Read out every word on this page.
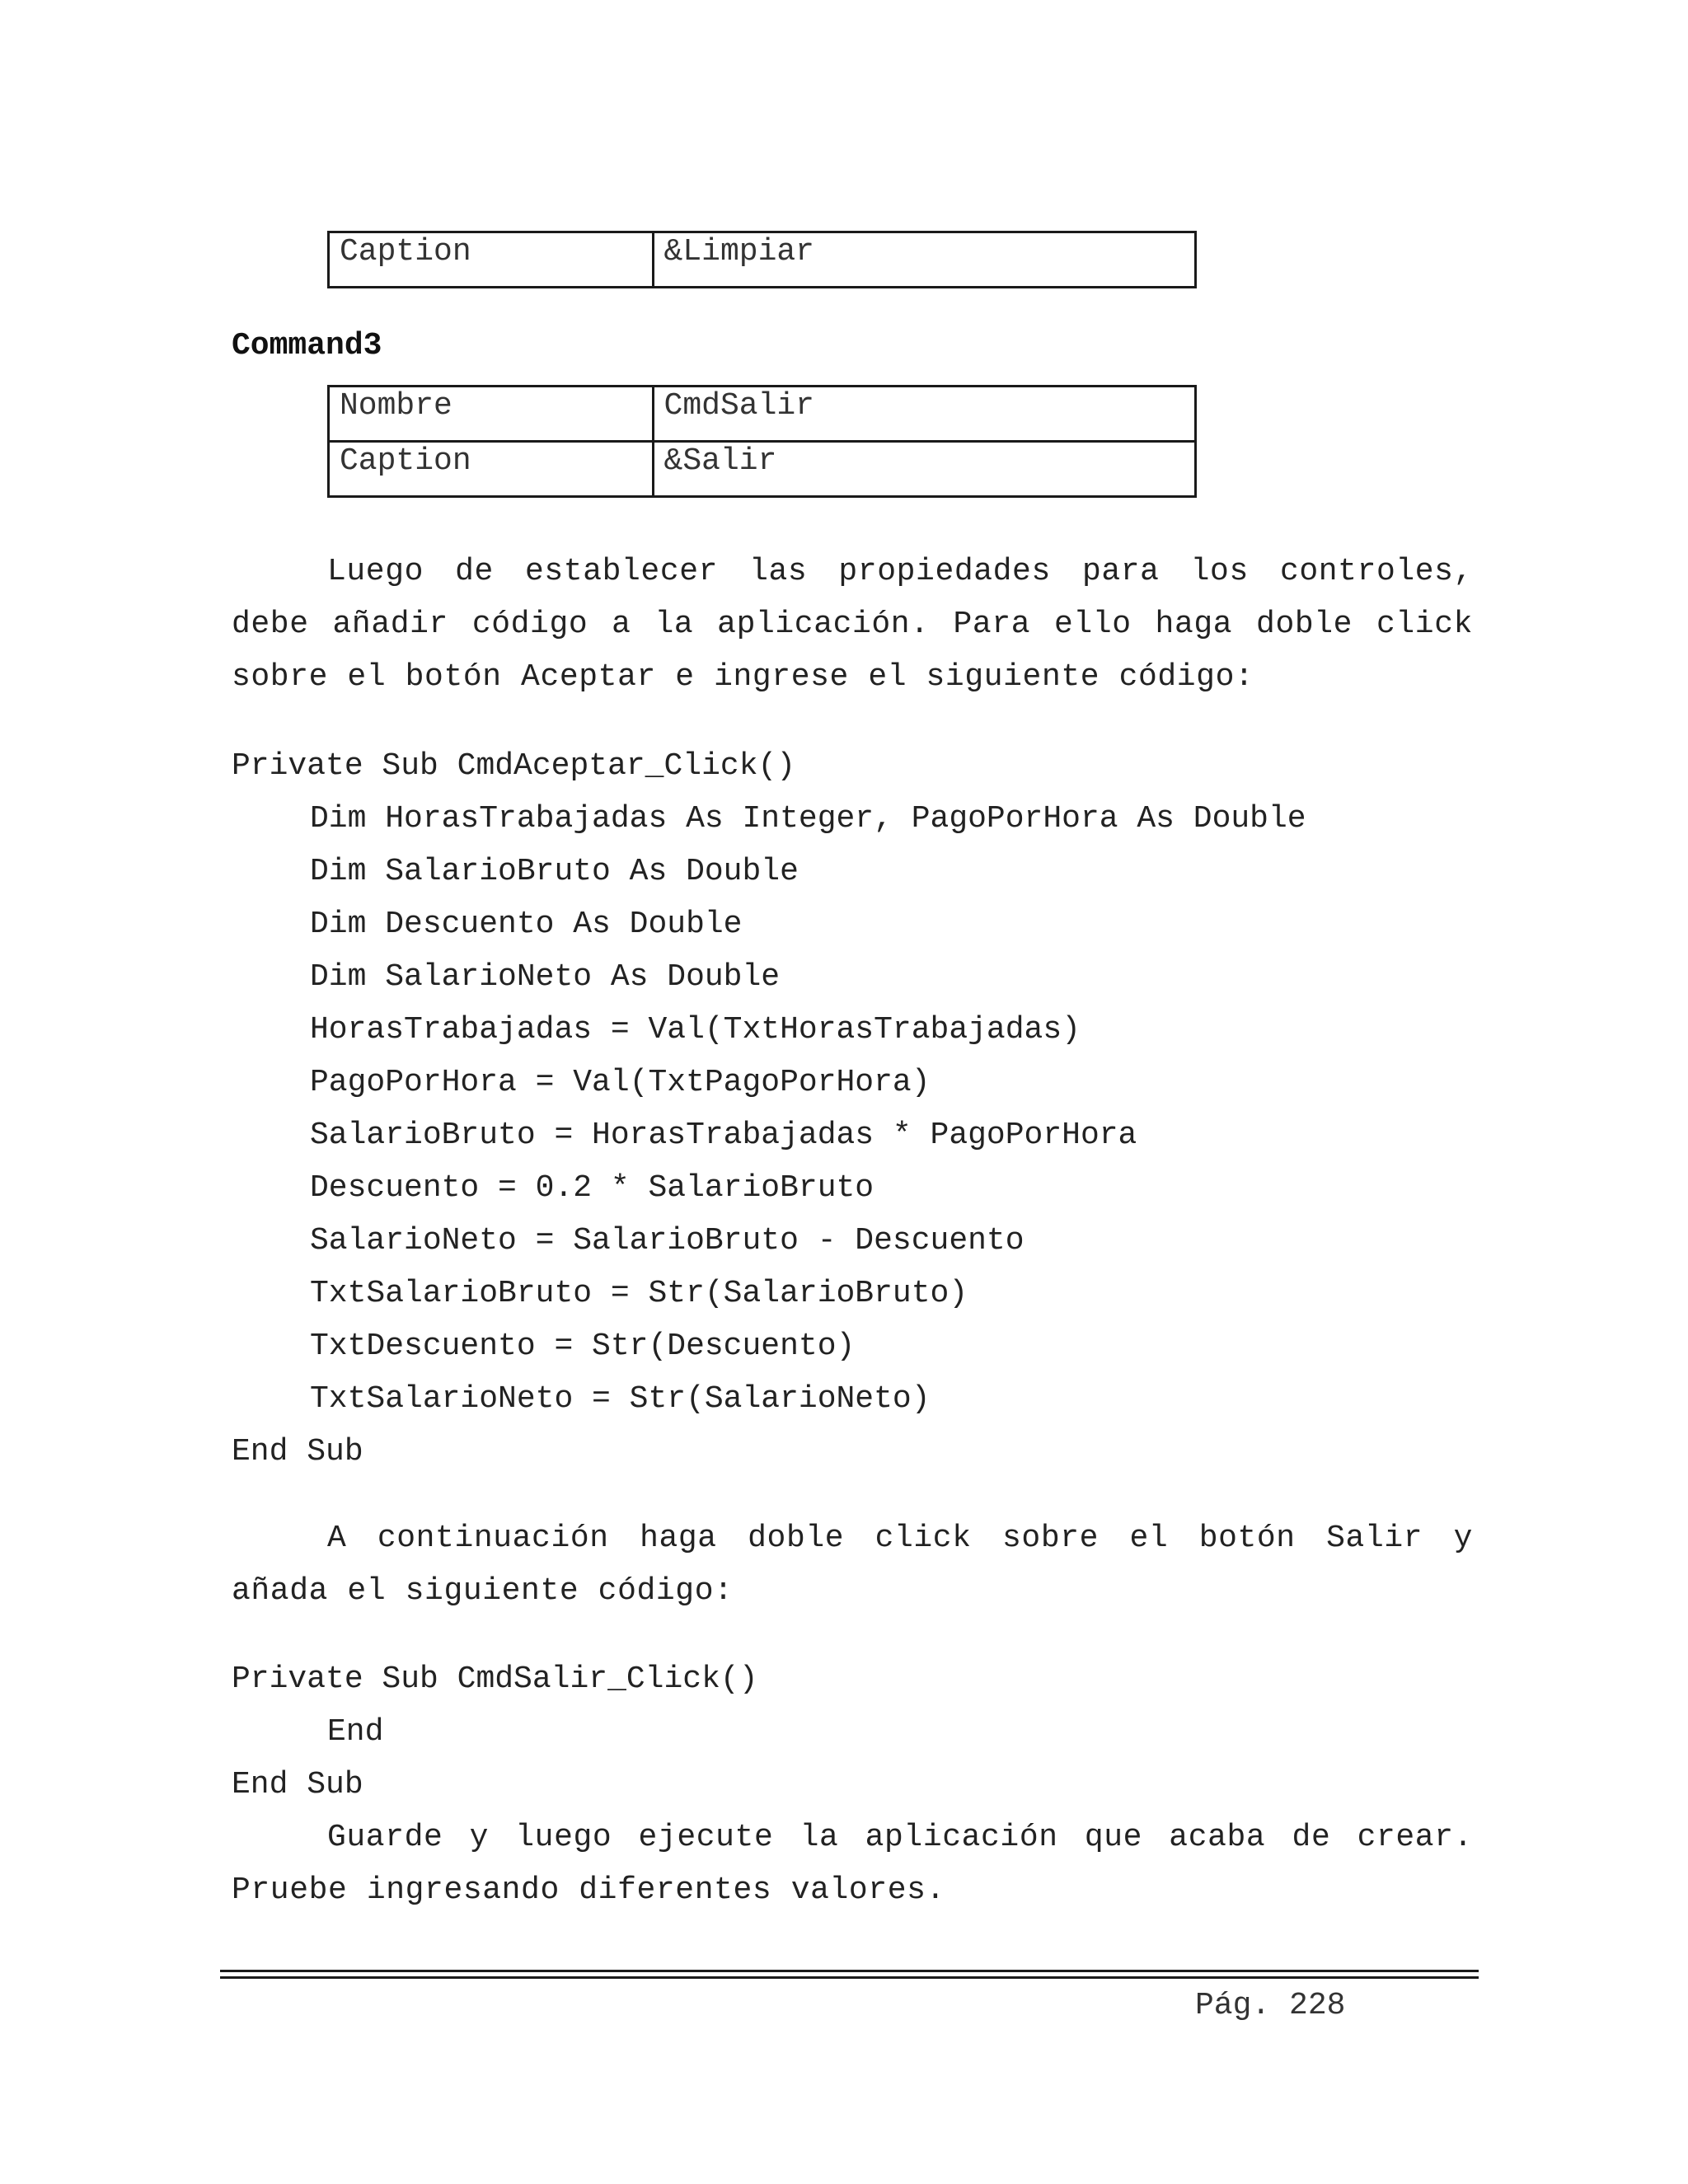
Caption	&Limpiar
Command3
Nombre	CmdSalir
Caption	&Salir

Luego de establecer las propiedades para los controles, debe añadir código a la aplicación. Para ello haga doble click sobre el botón Aceptar e ingrese el siguiente código:

Private Sub CmdAceptar_Click()
Dim HorasTrabajadas As Integer, PagoPorHora As Double
Dim SalarioBruto As Double
Dim Descuento As Double
Dim SalarioNeto As Double
HorasTrabajadas = Val(TxtHorasTrabajadas)
PagoPorHora = Val(TxtPagoPorHora)
SalarioBruto = HorasTrabajadas * PagoPorHora
Descuento = 0.2 * SalarioBruto
SalarioNeto = SalarioBruto - Descuento
TxtSalarioBruto = Str(SalarioBruto)
TxtDescuento = Str(Descuento)
TxtSalarioNeto = Str(SalarioNeto)
End Sub

A continuación haga doble click sobre el botón Salir y añada el siguiente código:

Private Sub CmdSalir_Click()
End
End Sub

Guarde y luego ejecute la aplicación que acaba de crear. Pruebe ingresando diferentes valores.

Pág. 228
